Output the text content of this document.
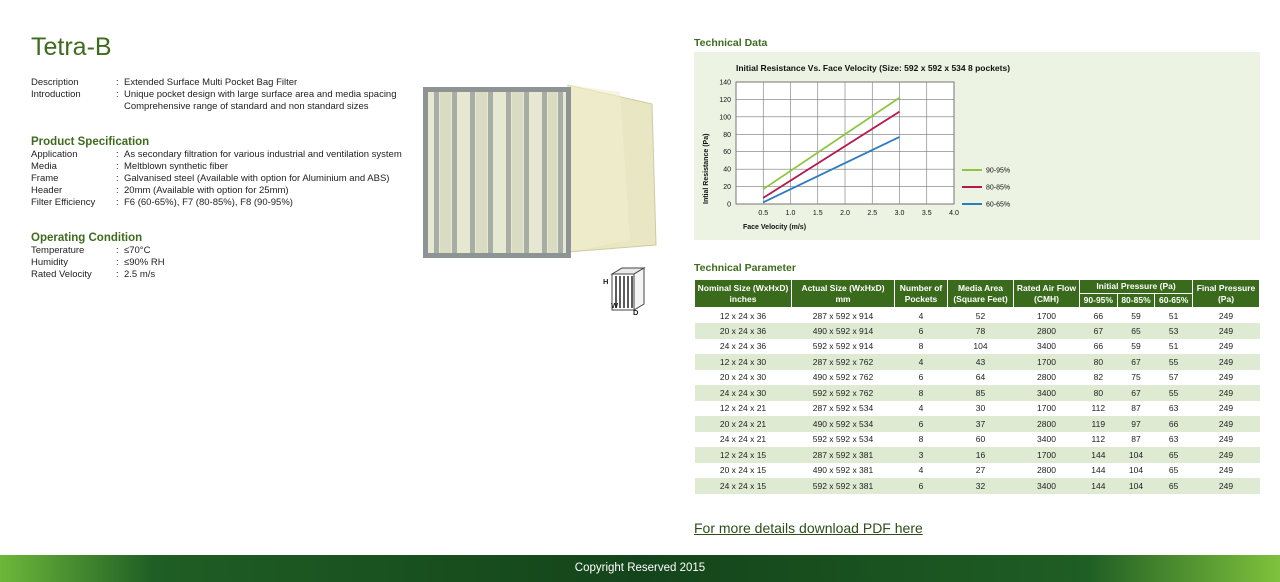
Tetra-B
Description	: Extended Surface Multi Pocket Bag Filter
Introduction	: Unique pocket design with large surface area and media spacing
Comprehensive range of standard and non standard sizes
Product Specification
Application	: As secondary filtration for various industrial and ventilation system
Media	: Meltblown synthetic fiber
Frame	: Galvanised steel (Available with option for Aluminium and ABS)
Header	: 20mm (Available with option for 25mm)
Filter Efficiency	: F6 (60-65%), F7 (80-85%), F8 (90-95%)
Operating Condition
Temperature	: ≤70°C
Humidity	: ≤90% RH
Rated Velocity	: 2.5 m/s
H
W
D
Technical Data
Initial Resistance Vs. Face Velocity (Size: 592 x 592 x 534 8 pockets)
0
20
40
60
80
100
120
140
0.5	1.0	1.5	2.0	2.5	3.0	3.5	4.0
90-95%
80-85%
60-65%
Face Velocity (m/s)
Intial Resistance (Pa)
Technical Parameter
Nominal Size (WxHxD) inches	Actual Size (WxHxD) mm	Number of Pockets	Media Area (Square Feet)	Rated Air Flow (CMH)	Initial Pressure (Pa)			Final Pressure (Pa)
					90-95%	80-85%	60-65%	
12 x 24 x 36	287 x 592 x 914	4	52	1700	66	59	51	249
20 x 24 x 36	490 x 592 x 914	6	78	2800	67	65	53	249
24 x 24 x 36	592 x 592 x 914	8	104	3400	66	59	51	249
12 x 24 x 30	287 x 592 x 762	4	43	1700	80	67	55	249
20 x 24 x 30	490 x 592 x 762	6	64	2800	82	75	57	249
24 x 24 x 30	592 x 592 x 762	8	85	3400	80	67	55	249
12 x 24 x 21	287 x 592 x 534	4	30	1700	112	87	63	249
20 x 24 x 21	490 x 592 x 534	6	37	2800	119	97	66	249
24 x 24 x 21	592 x 592 x 534	8	60	3400	112	87	63	249
12 x 24 x 15	287 x 592 x 381	3	16	1700	144	104	65	249
20 x 24 x 15	490 x 592 x 381	4	27	2800	144	104	65	249
24 x 24 x 15	592 x 592 x 381	6	32	3400	144	104	65	249
For more details download PDF here
Copyright Reserved 2015
